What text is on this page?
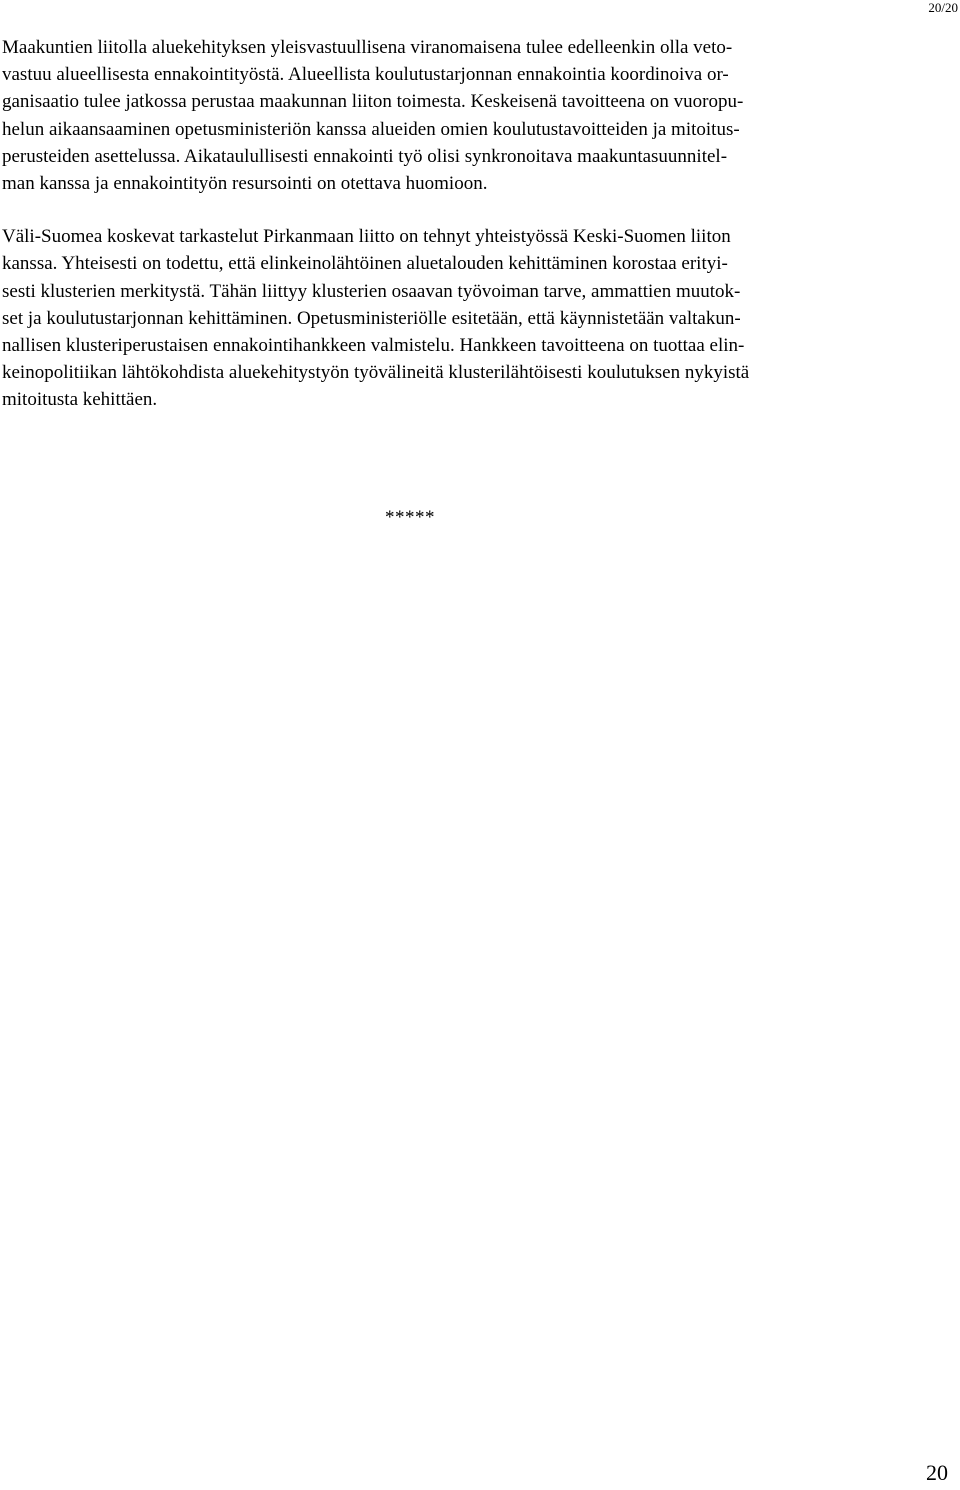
20/20

Maakuntien liitolla aluekehityksen yleisvastuullisena viranomaisena tulee edelleenkin olla veto-
vastuu alueellisesta ennakointityöstä. Alueellista koulutustarjonnan ennakointia koordinoiva or-
ganisaatio tulee jatkossa perustaa maakunnan liiton toimesta. Keskeisenä tavoitteena on vuoropu-
helun aikaansaaminen opetusministeriön kanssa alueiden omien koulutustavoitteiden ja mitoitus-
perusteiden asettelussa. Aikataulullisesti ennakointi työ olisi synkronoitava maakuntasuunnitel-
man kanssa ja ennakointityön resursointi on otettava huomioon.

Väli-Suomea koskevat tarkastelut Pirkanmaan liitto on tehnyt yhteistyössä Keski-Suomen liiton
kanssa. Yhteisesti on todettu, että elinkeinolähtöinen aluetalouden kehittäminen korostaa erityi-
sesti klusterien merkitystä. Tähän liittyy klusterien osaavan työvoiman tarve, ammattien muutok-
set ja koulutustarjonnan kehittäminen. Opetusministeriölle esitetään, että käynnistetään valtakun-
nallisen klusteriperustaisen ennakointihankkeen valmistelu. Hankkeen tavoitteena on tuottaa elin-
keinopolitiikan lähtökohdista aluekehitystyön työvälineitä klusterilähtöisesti koulutuksen nykyistä
mitoitusta kehittäen.

*****
20
